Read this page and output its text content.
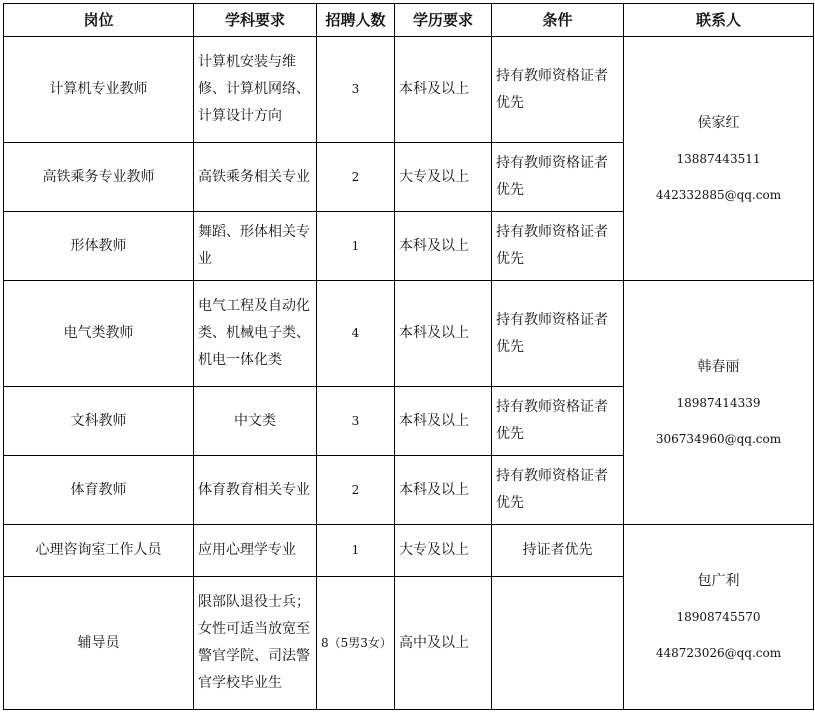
岗位	学科要求	招聘人数	学历要求	条件	联系人
计算机专业教师	计算机安装与维修、计算机网络、计算设计方向	3	本科及以上	持有教师资格证者优先	侯家红
13887443511
442332885@qq.com

高铁乘务专业教师	高铁乘务相关专业	2	大专及以上	持有教师资格证者优先	
形体教师	舞蹈、形体相关专业	1	本科及以上	持有教师资格证者优先	
电气类教师	电气工程及自动化类、机械电子类、机电一体化类	4	本科及以上	持有教师资格证者优先	韩春丽
18987414339
306734960@qq.com

文科教师	中文类	3	本科及以上	持有教师资格证者优先	
体育教师	体育教育相关专业	2	本科及以上	持有教师资格证者优先	
心理咨询室工作人员	应用心理学专业	1	大专及以上	持证者优先	包广利
18908745570
448723026@qq.com

辅导员	限部队退役士兵；女性可适当放宽至警官学院、司法警官学校毕业生	8（5男3女）	高中及以上		
